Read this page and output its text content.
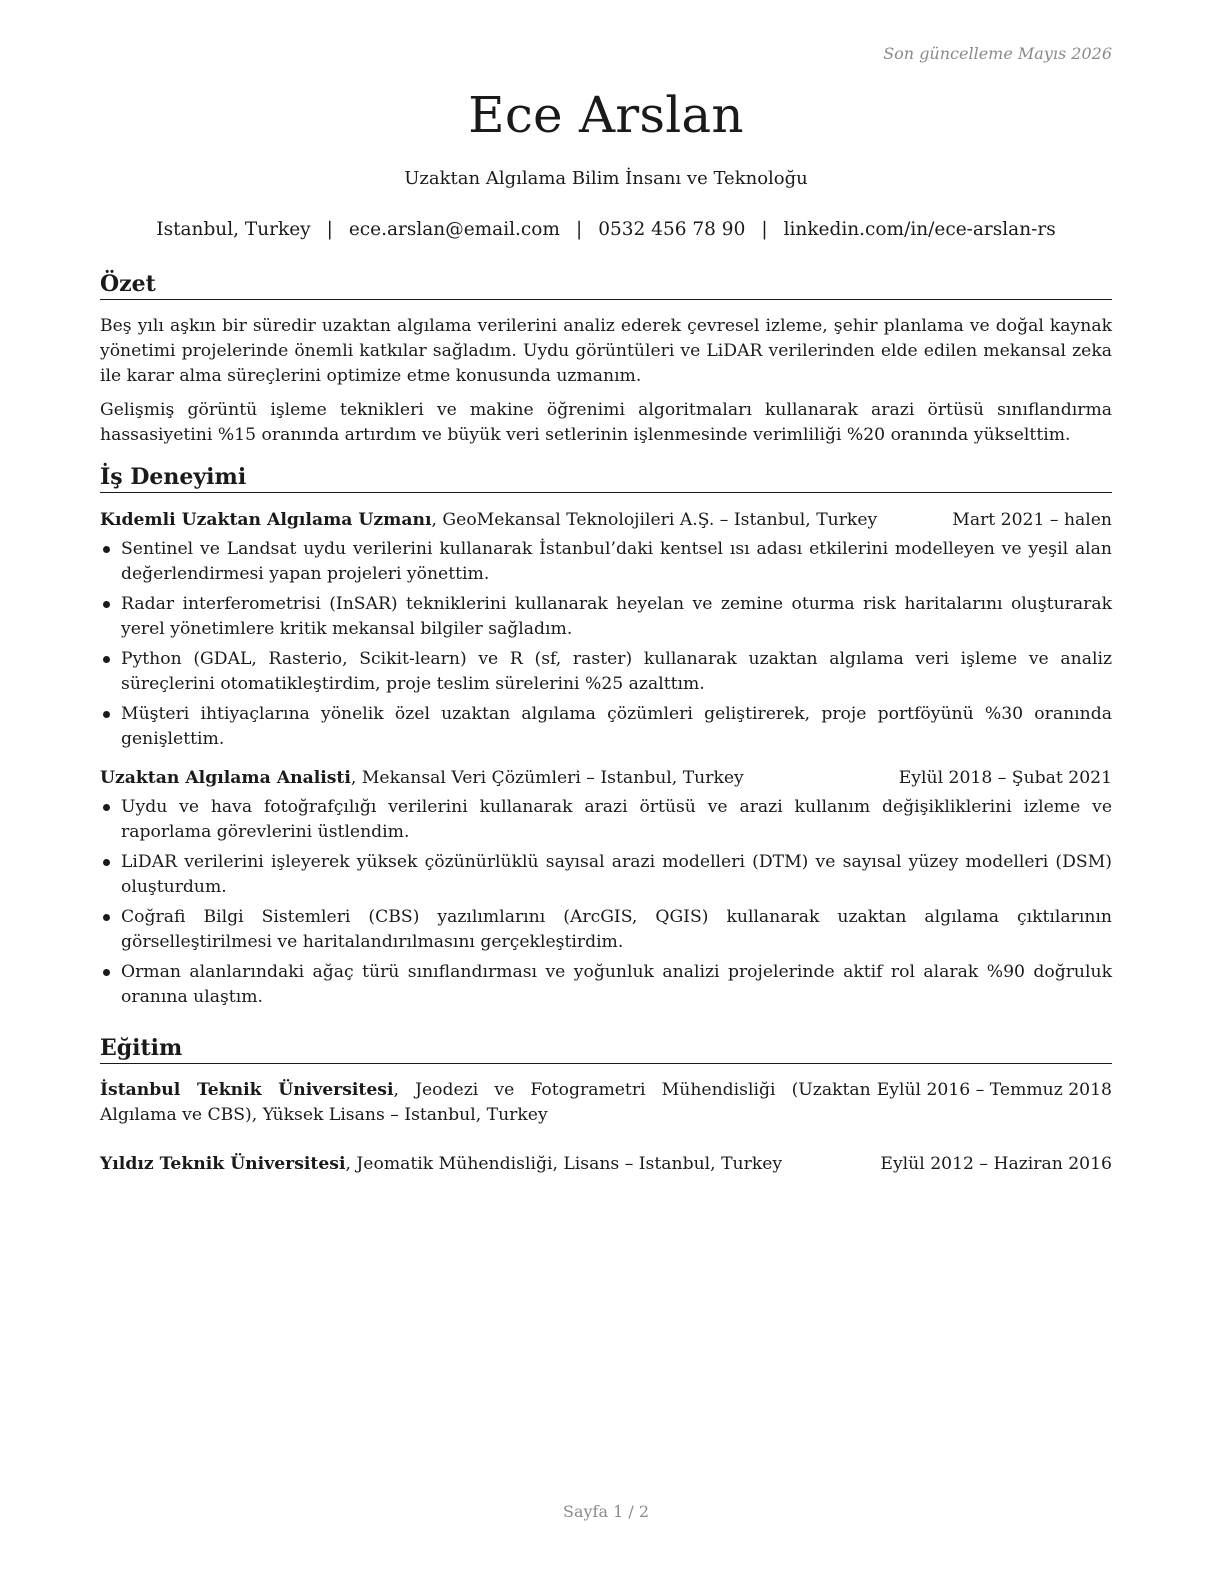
Son güncelleme Mayıs 2026
Ece Arslan
Uzaktan Algılama Bilim İnsanı ve Teknoloğu
Istanbul, Turkey | ece.arslan@email.com | 0532 456 78 90 | linkedin.com/in/ece-arslan-rs
Özet

Beş yılı aşkın bir süredir uzaktan algılama verilerini analiz ederek çevresel izleme, şehir planlama ve doğal kaynak yönetimi projelerinde önemli katkılar sağladım. Uydu görüntüleri ve LiDAR verilerinden elde edilen mekansal zeka ile karar alma süreçlerini optimize etme konusunda uzmanım.

Gelişmiş görüntü işleme teknikleri ve makine öğrenimi algoritmaları kullanarak arazi örtüsü sınıflandırma hassasiyetini %15 oranında artırdım ve büyük veri setlerinin işlenmesinde verimliliği %20 oranında yükselttim.

İş Deneyimi
Kıdemli Uzaktan Algılama Uzmanı, GeoMekansal Teknolojileri A.Ş. – Istanbul, Turkey	Mart 2021 – halen
Sentinel ve Landsat uydu verilerini kullanarak İstanbul’daki kentsel ısı adası etkilerini modelleyen ve yeşil alan değerlendirmesi yapan projeleri yönettim.
Radar interferometrisi (InSAR) tekniklerini kullanarak heyelan ve zemine oturma risk haritalarını oluşturarak yerel yönetimlere kritik mekansal bilgiler sağladım.
Python (GDAL, Rasterio, Scikit-learn) ve R (sf, raster) kullanarak uzaktan algılama veri işleme ve analiz süreçlerini otomatikleştirdim, proje teslim sürelerini %25 azalttım.
Müşteri ihtiyaçlarına yönelik özel uzaktan algılama çözümleri geliştirerek, proje portföyünü %30 oranında genişlettim.
Uzaktan Algılama Analisti, Mekansal Veri Çözümleri – Istanbul, Turkey	Eylül 2018 – Şubat 2021
Uydu ve hava fotoğrafçılığı verilerini kullanarak arazi örtüsü ve arazi kullanım değişikliklerini izleme ve raporlama görevlerini üstlendim.
LiDAR verilerini işleyerek yüksek çözünürlüklü sayısal arazi modelleri (DTM) ve sayısal yüzey modelleri (DSM) oluşturdum.
Coğrafi Bilgi Sistemleri (CBS) yazılımlarını (ArcGIS, QGIS) kullanarak uzaktan algılama çıktılarının görselleştirilmesi ve haritalandırılmasını gerçekleştirdim.
Orman alanlarındaki ağaç türü sınıflandırması ve yoğunluk analizi projelerinde aktif rol alarak %90 doğruluk oranına ulaştım.
Eğitim
İstanbul Teknik Üniversitesi, Jeodezi ve Fotogrametri Mühendisliği (Uzaktan Algılama ve CBS), Yüksek Lisans – Istanbul, Turkey
Eylül 2016 – Temmuz 2018
Yıldız Teknik Üniversitesi, Jeomatik Mühendisliği, Lisans – Istanbul, Turkey	Eylül 2012 – Haziran 2016
Sayfa 1 / 2
